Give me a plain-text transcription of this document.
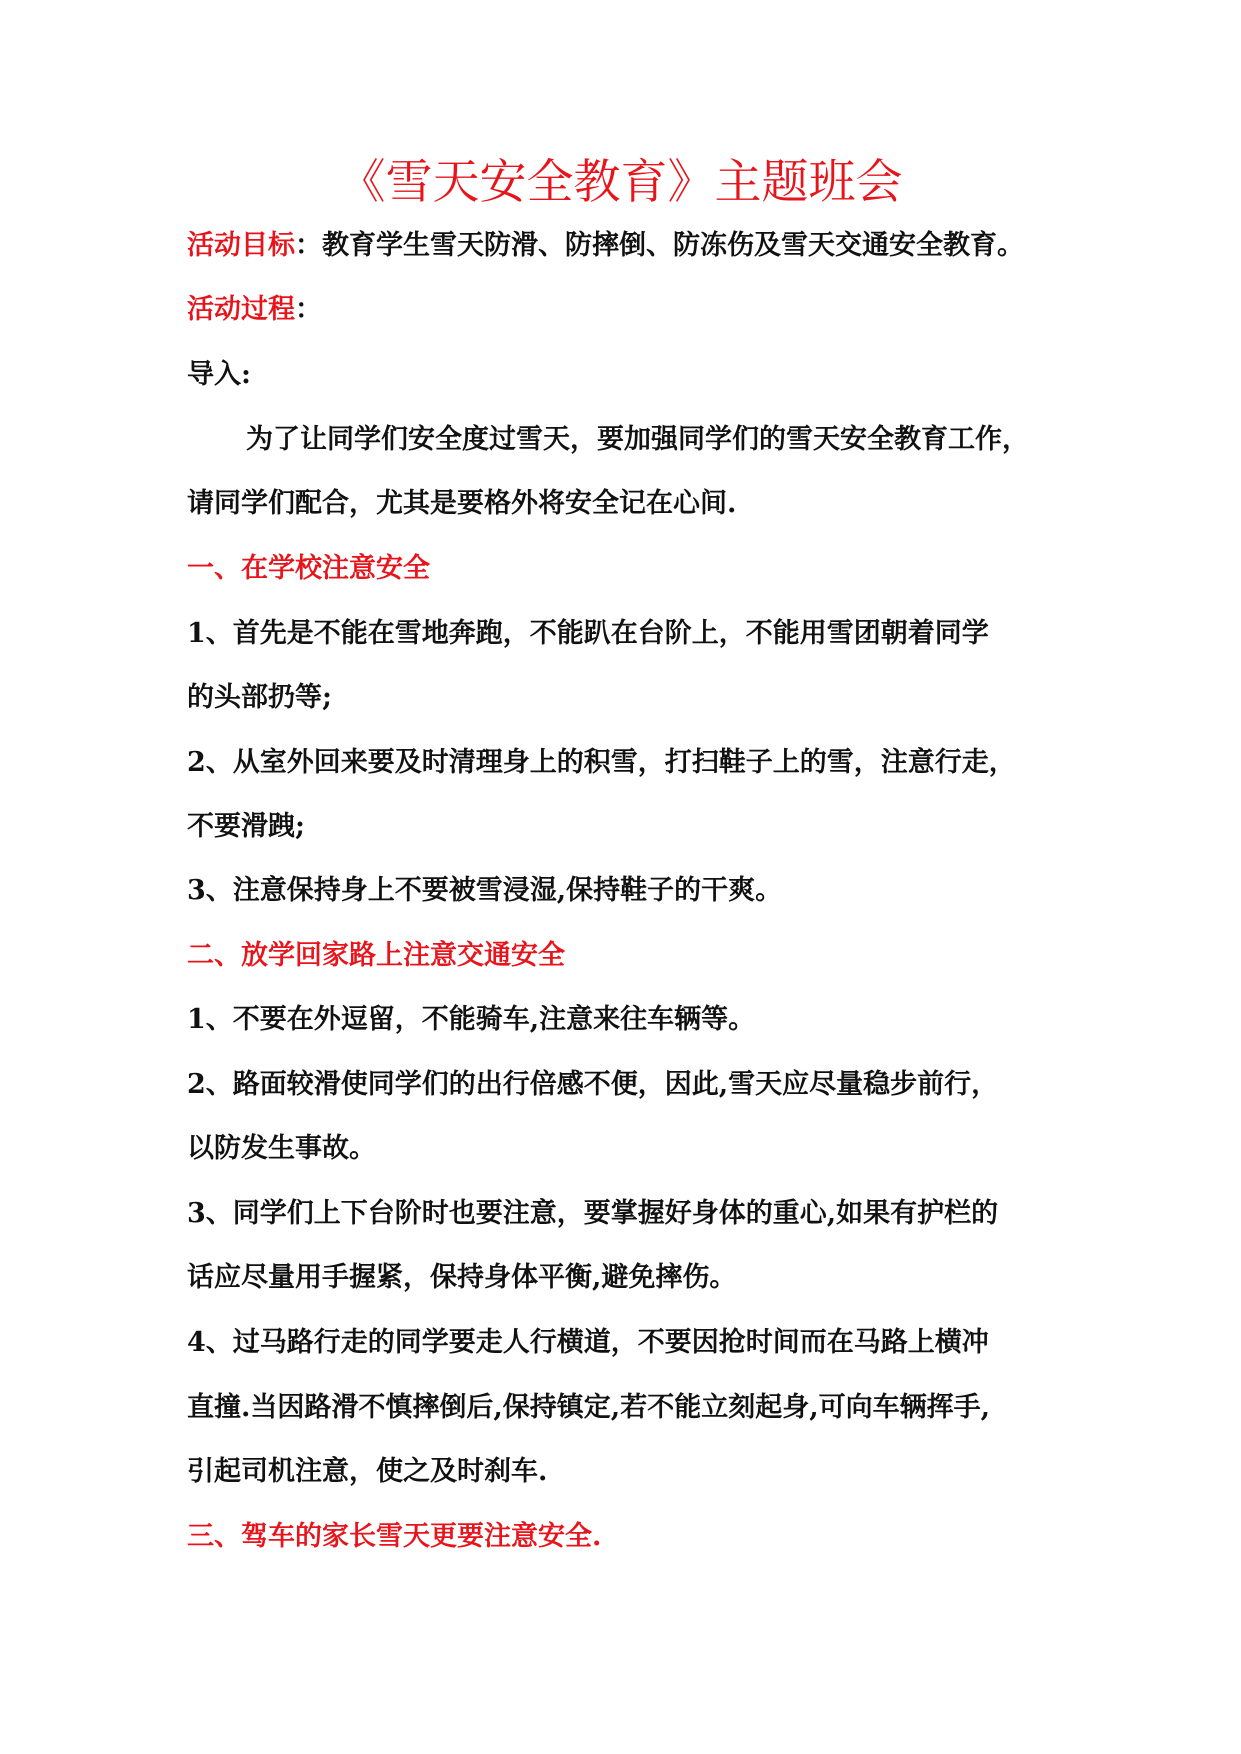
《雪天安全教育》主题班会
活动目标：教育学生雪天防滑、防摔倒、防冻伤及雪天交通安全教育。
活动过程：
导入:
为了让同学们安全度过雪天，要加强同学们的雪天安全教育工作，
请同学们配合，尤其是要格外将安全记在心间.
一、在学校注意安全
1、首先是不能在雪地奔跑，不能趴在台阶上，不能用雪团朝着同学
的头部扔等;
2、从室外回来要及时清理身上的积雪，打扫鞋子上的雪，注意行走，
不要滑跩;
3、注意保持身上不要被雪浸湿,保持鞋子的干爽。
二、放学回家路上注意交通安全
1、不要在外逗留，不能骑车,注意来往车辆等。
2、路面较滑使同学们的出行倍感不便，因此,雪天应尽量稳步前行，
以防发生事故。
3、同学们上下台阶时也要注意，要掌握好身体的重心,如果有护栏的
话应尽量用手握紧，保持身体平衡,避免摔伤。
4、过马路行走的同学要走人行横道，不要因抢时间而在马路上横冲
直撞.当因路滑不慎摔倒后,保持镇定,若不能立刻起身,可向车辆挥手,
引起司机注意，使之及时刹车.
三、驾车的家长雪天更要注意安全.
